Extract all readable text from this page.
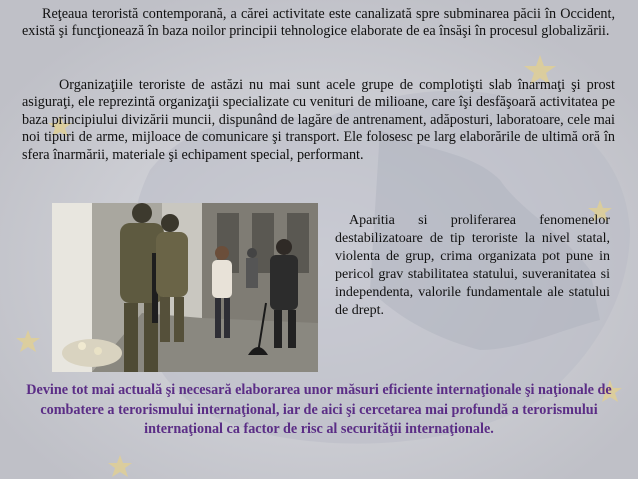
Reţeaua teroristă contemporană, a cărei activitate este canalizată spre subminarea păcii în Occident, există şi funcţionează în baza noilor principii tehnologice elaborate de ea însăşi în procesul globalizării.

Organizaţiile teroriste de astăzi nu mai sunt acele grupe de complotişti slab înarmaţi şi prost asiguraţi, ele reprezintă organizaţii specializate cu venituri de milioane, care îşi desfăşoară activitatea pe baza principiului divizării muncii, dispunând de lagăre de antrenament, adăposturi, laboratoare, cele mai noi tipuri de arme, mijloace de comunicare şi transport. Ele folosesc pe larg elaborările de ultimă oră în sfera înarmării, materiale şi echipament special, performant.

Aparitia si proliferarea fenomenelor destabilizatoare de tip teroriste la nivel statal, violenta de grup, crima organizata pot pune in pericol grav stabilitatea statului, suveranitatea si independenta, valorile fundamentale ale statului de drept.

Devine tot mai actuală şi necesară elaborarea unor măsuri eficiente internaţionale şi naţionale de combatere a terorismului internaţional, iar de aici şi cercetarea mai profundă a terorismului internaţional ca factor de risc al securităţii internaţionale.
